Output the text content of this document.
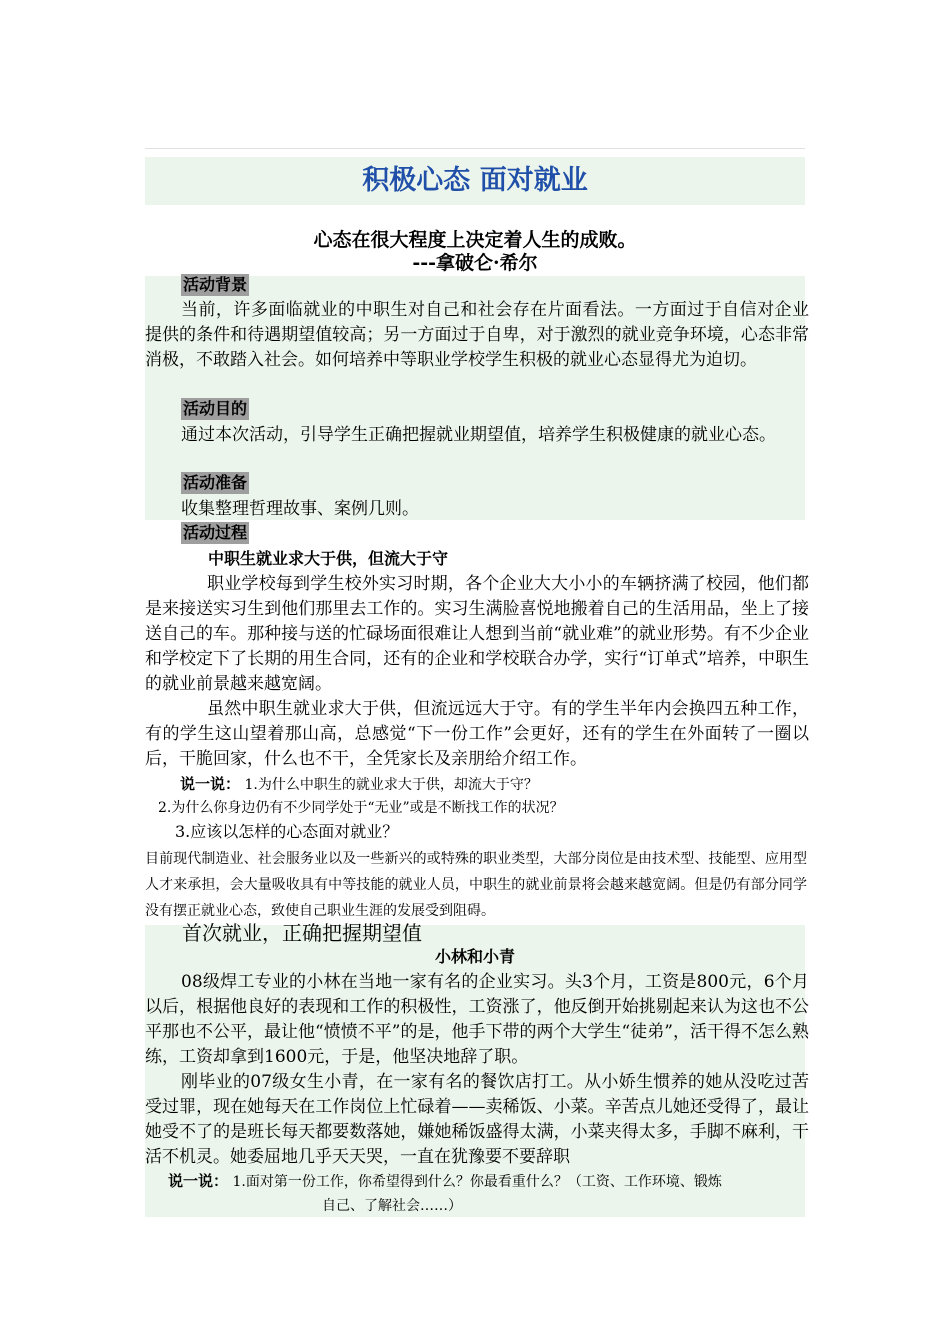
积极心态 面对就业
心态在很大程度上决定着人生的成败。
---拿破仑·希尔
活动背景

当前，许多面临就业的中职生对自己和社会存在片面看法。一方面过于自信对企业提供的条件和待遇期望值较高；另一方面过于自卑，对于激烈的就业竞争环境，心态非常消极，不敢踏入社会。如何培养中等职业学校学生积极的就业心态显得尤为迫切。

活动目的

通过本次活动，引导学生正确把握就业期望值，培养学生积极健康的就业心态。

活动准备

收集整理哲理故事、案例几则。

活动过程
中职生就业求大于供，但流大于守

职业学校每到学生校外实习时期，各个企业大大小小的车辆挤满了校园，他们都是来接送实习生到他们那里去工作的。实习生满脸喜悦地搬着自己的生活用品，坐上了接送自己的车。那种接与送的忙碌场面很难让人想到当前“就业难”的就业形势。有不少企业和学校定下了长期的用生合同，还有的企业和学校联合办学，实行“订单式”培养，中职生的就业前景越来越宽阔。

虽然中职生就业求大于供，但流远远大于守。有的学生半年内会换四五种工作，有的学生这山望着那山高，总感觉“下一份工作”会更好，还有的学生在外面转了一圈以后，干脆回家，什么也不干，全凭家长及亲朋给介绍工作。

说一说： 1.为什么中职生的就业求大于供，却流大于守？
2.为什么你身边仍有不少同学处于“无业”或是不断找工作的状况？
3.应该以怎样的心态面对就业？

目前现代制造业、社会服务业以及一些新兴的或特殊的职业类型，大部分岗位是由技术型、技能型、应用型人才来承担，会大量吸收具有中等技能的就业人员，中职生的就业前景将会越来越宽阔。但是仍有部分同学没有摆正就业心态，致使自己职业生涯的发展受到阻碍。

首次就业，正确把握期望值
小林和小青

08级焊工专业的小林在当地一家有名的企业实习。头3个月，工资是800元，6个月以后，根据他良好的表现和工作的积极性，工资涨了，他反倒开始挑剔起来认为这也不公平那也不公平，最让他“愤愤不平”的是，他手下带的两个大学生“徒弟”，活干得不怎么熟练，工资却拿到1600元，于是，他坚决地辞了职。

刚毕业的07级女生小青，在一家有名的餐饮店打工。从小娇生惯养的她从没吃过苦受过罪，现在她每天在工作岗位上忙碌着——卖稀饭、小菜。辛苦点儿她还受得了，最让她受不了的是班长每天都要数落她，嫌她稀饭盛得太满，小菜夹得太多，手脚不麻利，干活不机灵。她委屈地几乎天天哭，一直在犹豫要不要辞职

说一说： 1.面对第一份工作，你希望得到什么？你最看重什么？（工资、工作环境、锻炼
自己、了解社会……）
